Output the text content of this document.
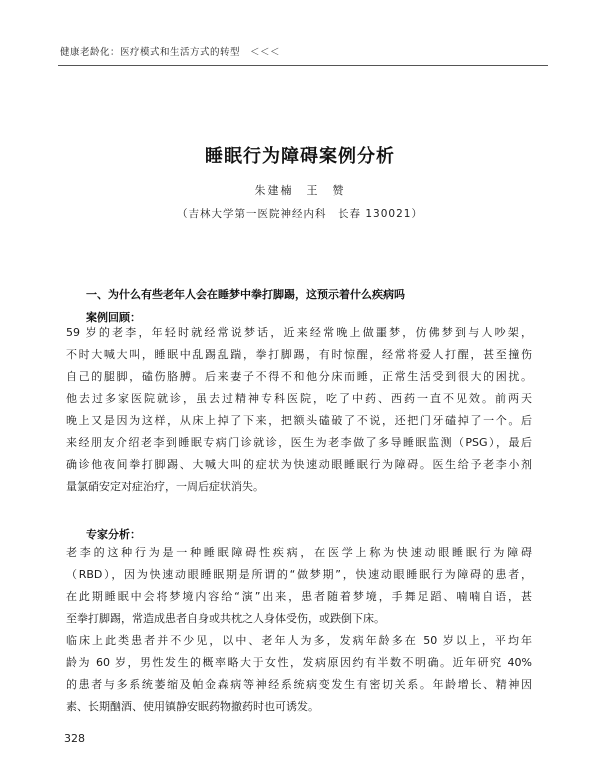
健康老龄化：医疗模式和生活方式的转型　＜＜＜
睡眠行为障碍案例分析
朱建楠　王　赞
（吉林大学第一医院神经内科　长春 130021）
一、为什么有些老年人会在睡梦中拳打脚踢，这预示着什么疾病吗
案例回顾：
59 岁的老李，年轻时就经常说梦话，近来经常晚上做噩梦，仿佛梦到与人吵架，
不时大喊大叫，睡眠中乱踢乱踹，拳打脚踢，有时惊醒，经常将爱人打醒，甚至撞伤
自己的腿脚，磕伤胳膊。后来妻子不得不和他分床而睡，正常生活受到很大的困扰。
他去过多家医院就诊，虽去过精神专科医院，吃了中药、西药一直不见效。前两天
晚上又是因为这样，从床上掉了下来，把额头磕破了不说，还把门牙磕掉了一个。后
来经朋友介绍老李到睡眠专病门诊就诊，医生为老李做了多导睡眠监测（PSG），最后
确诊他夜间拳打脚踢、大喊大叫的症状为快速动眼睡眠行为障碍。医生给予老李小剂
量氯硝安定对症治疗，一周后症状消失。
专家分析：
老李的这种行为是一种睡眠障碍性疾病，在医学上称为快速动眼睡眠行为障碍
（RBD），因为快速动眼睡眠期是所谓的“做梦期”，快速动眼睡眠行为障碍的患者，
在此期睡眠中会将梦境内容给“演”出来，患者随着梦境，手舞足蹈、喃喃自语，甚
至拳打脚踢，常造成患者自身或共枕之人身体受伤，或跌倒下床。
临床上此类患者并不少见，以中、老年人为多，发病年龄多在 50 岁以上，平均年
龄为 60 岁，男性发生的概率略大于女性，发病原因约有半数不明确。近年研究 40%
的患者与多系统萎缩及帕金森病等神经系统病变发生有密切关系。年龄增长、精神因
素、长期酗酒、使用镇静安眠药物撤药时也可诱发。
328
